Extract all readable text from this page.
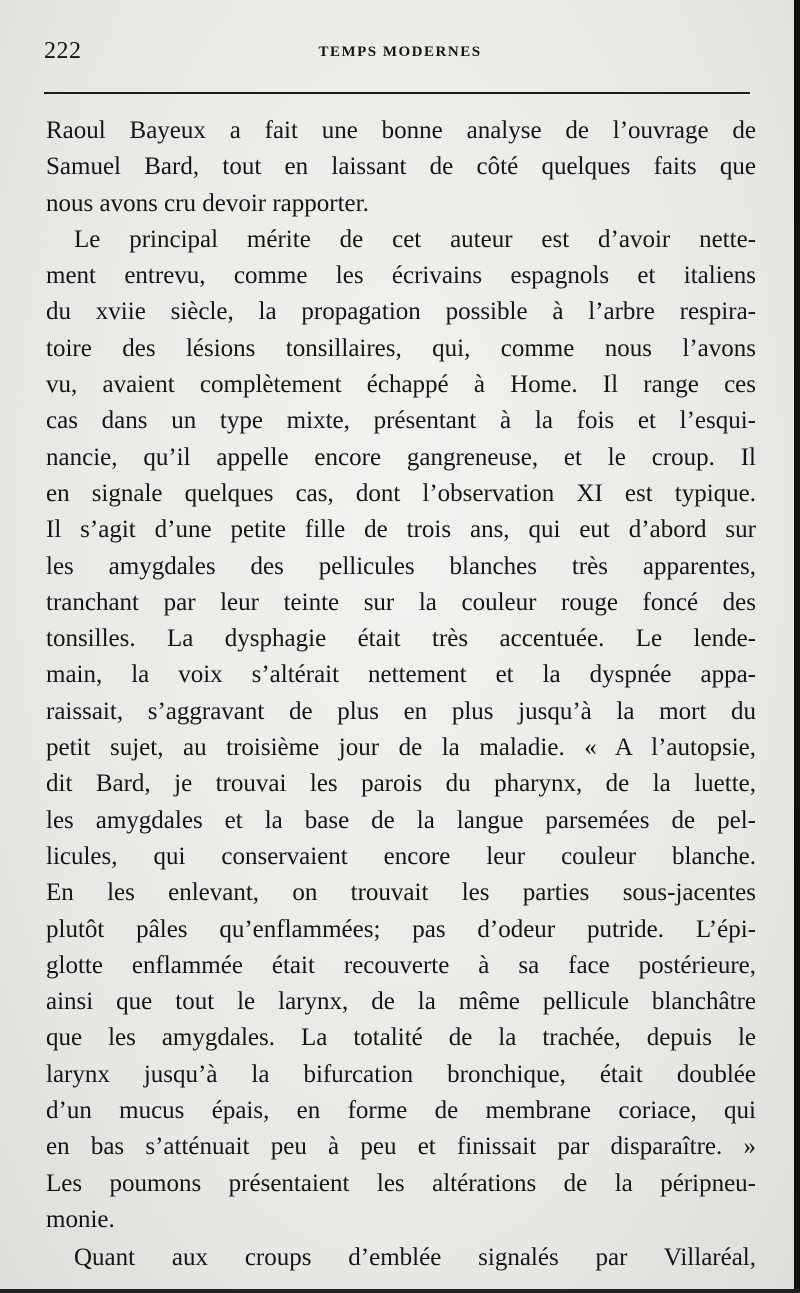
222	TEMPS MODERNES
Raoul Bayeux a fait une bonne analyse de l’ouvrage de
Samuel Bard, tout en laissant de côté quelques faits que
nous avons cru devoir rapporter.
Le principal mérite de cet auteur est d’avoir nette-
ment entrevu, comme les écrivains espagnols et italiens
du xviie siècle, la propagation possible à l’arbre respira-
toire des lésions tonsillaires, qui, comme nous l’avons
vu, avaient complètement échappé à Home. Il range ces
cas dans un type mixte, présentant à la fois et l’esqui-
nancie, qu’il appelle encore gangreneuse, et le croup. Il
en signale quelques cas, dont l’observation XI est typique.
Il s’agit d’une petite fille de trois ans, qui eut d’abord sur
les amygdales des pellicules blanches très apparentes,
tranchant par leur teinte sur la couleur rouge foncé des
tonsilles. La dysphagie était très accentuée. Le lende-
main, la voix s’altérait nettement et la dyspnée appa-
raissait, s’aggravant de plus en plus jusqu’à la mort du
petit sujet, au troisième jour de la maladie. « A l’autopsie,
dit Bard, je trouvai les parois du pharynx, de la luette,
les amygdales et la base de la langue parsemées de pel-
licules, qui conservaient encore leur couleur blanche.
En les enlevant, on trouvait les parties sous-jacentes
plutôt pâles qu’enflammées; pas d’odeur putride. L’épi-
glotte enflammée était recouverte à sa face postérieure,
ainsi que tout le larynx, de la même pellicule blanchâtre
que les amygdales. La totalité de la trachée, depuis le
larynx jusqu’à la bifurcation bronchique, était doublée
d’un mucus épais, en forme de membrane coriace, qui
en bas s’atténuait peu à peu et finissait par disparaître. »
Les poumons présentaient les altérations de la péripneu-
monie.
Quant aux croups d’emblée signalés par Villaréal,
